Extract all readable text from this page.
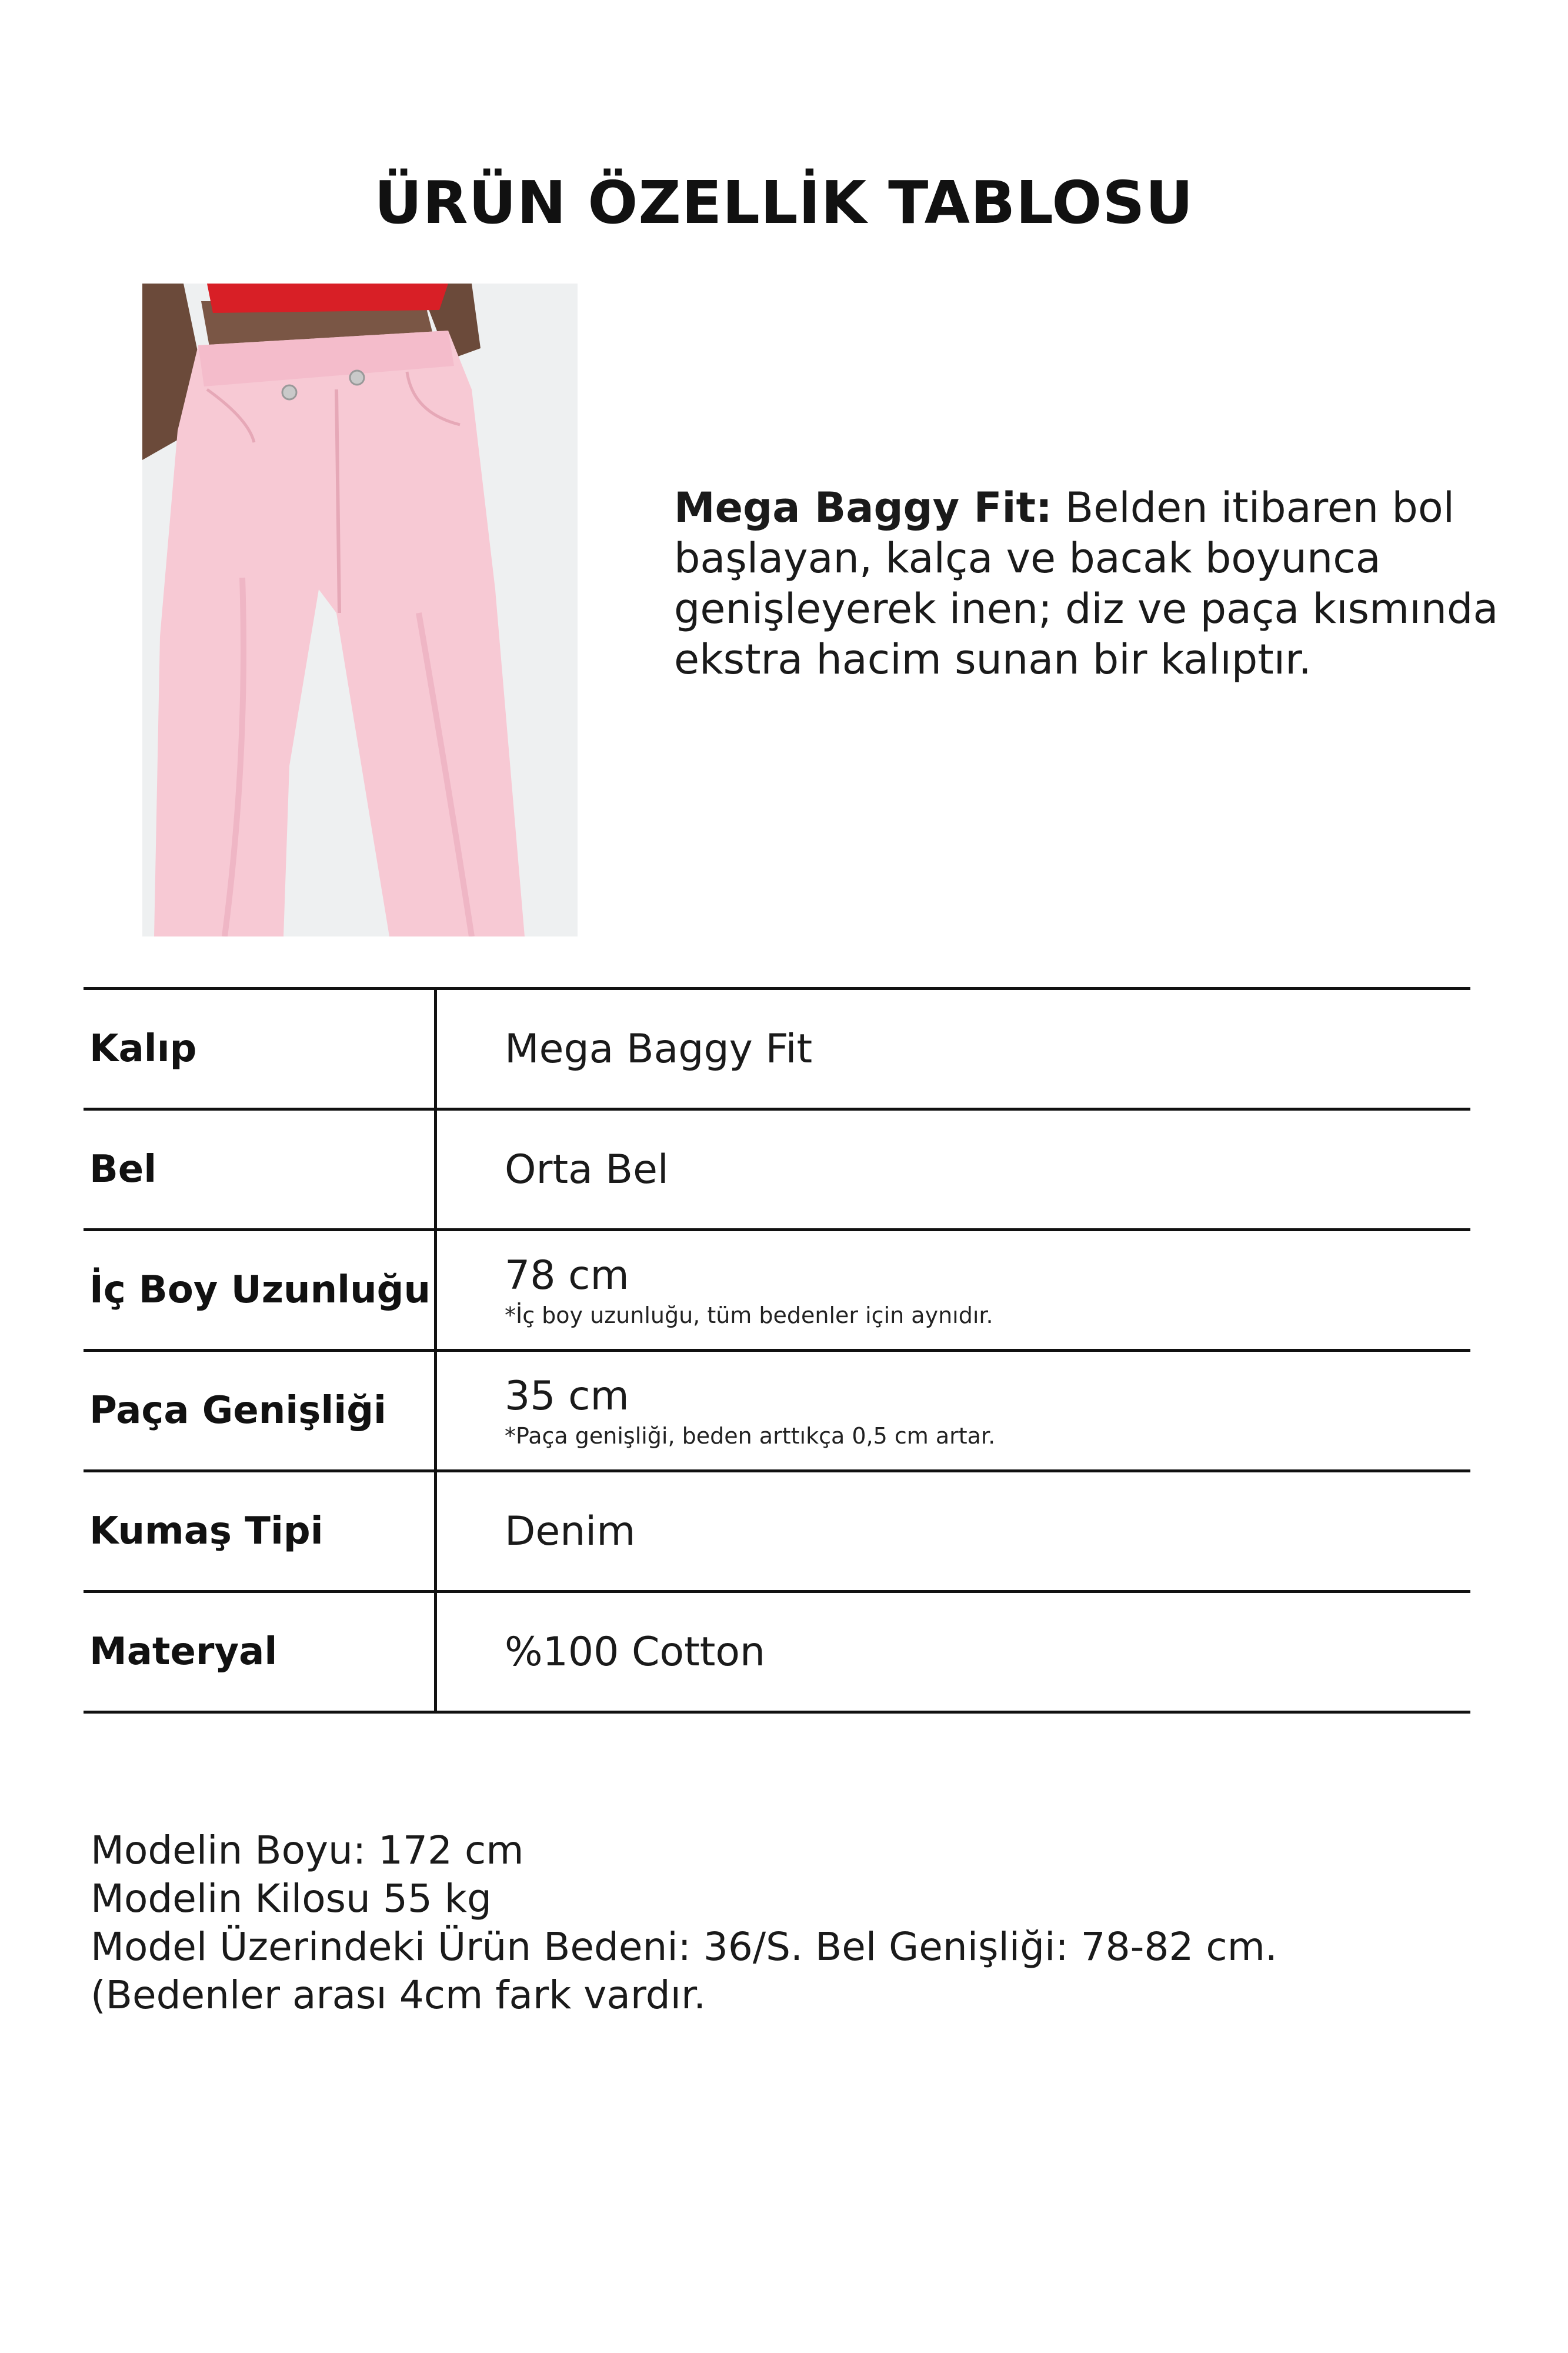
ÜRÜN ÖZELLİK TABLOSU
Mega Baggy Fit: Belden itibaren bol başlayan, kalça ve bacak boyunca genişleyerek inen; diz ve paça kısmında ekstra hacim sunan bir kalıptır.
Kalıp	Mega Baggy Fit
Bel	Orta Bel
İç Boy Uzunluğu 78 cm
*İç boy uzunluğu, tüm bedenler için aynıdır.
Paça Genişliği	35 cm
*Paça genişliği, beden arttıkça 0,5 cm artar.
Kumaş Tipi	Denim
Materyal	%100 Cotton

Modelin Boyu: 172 cm

Modelin Kilosu 55 kg

Model Üzerindeki Ürün Bedeni: 36/S. Bel Genişliği: 78-82 cm. (Bedenler arası 4cm fark vardır.
